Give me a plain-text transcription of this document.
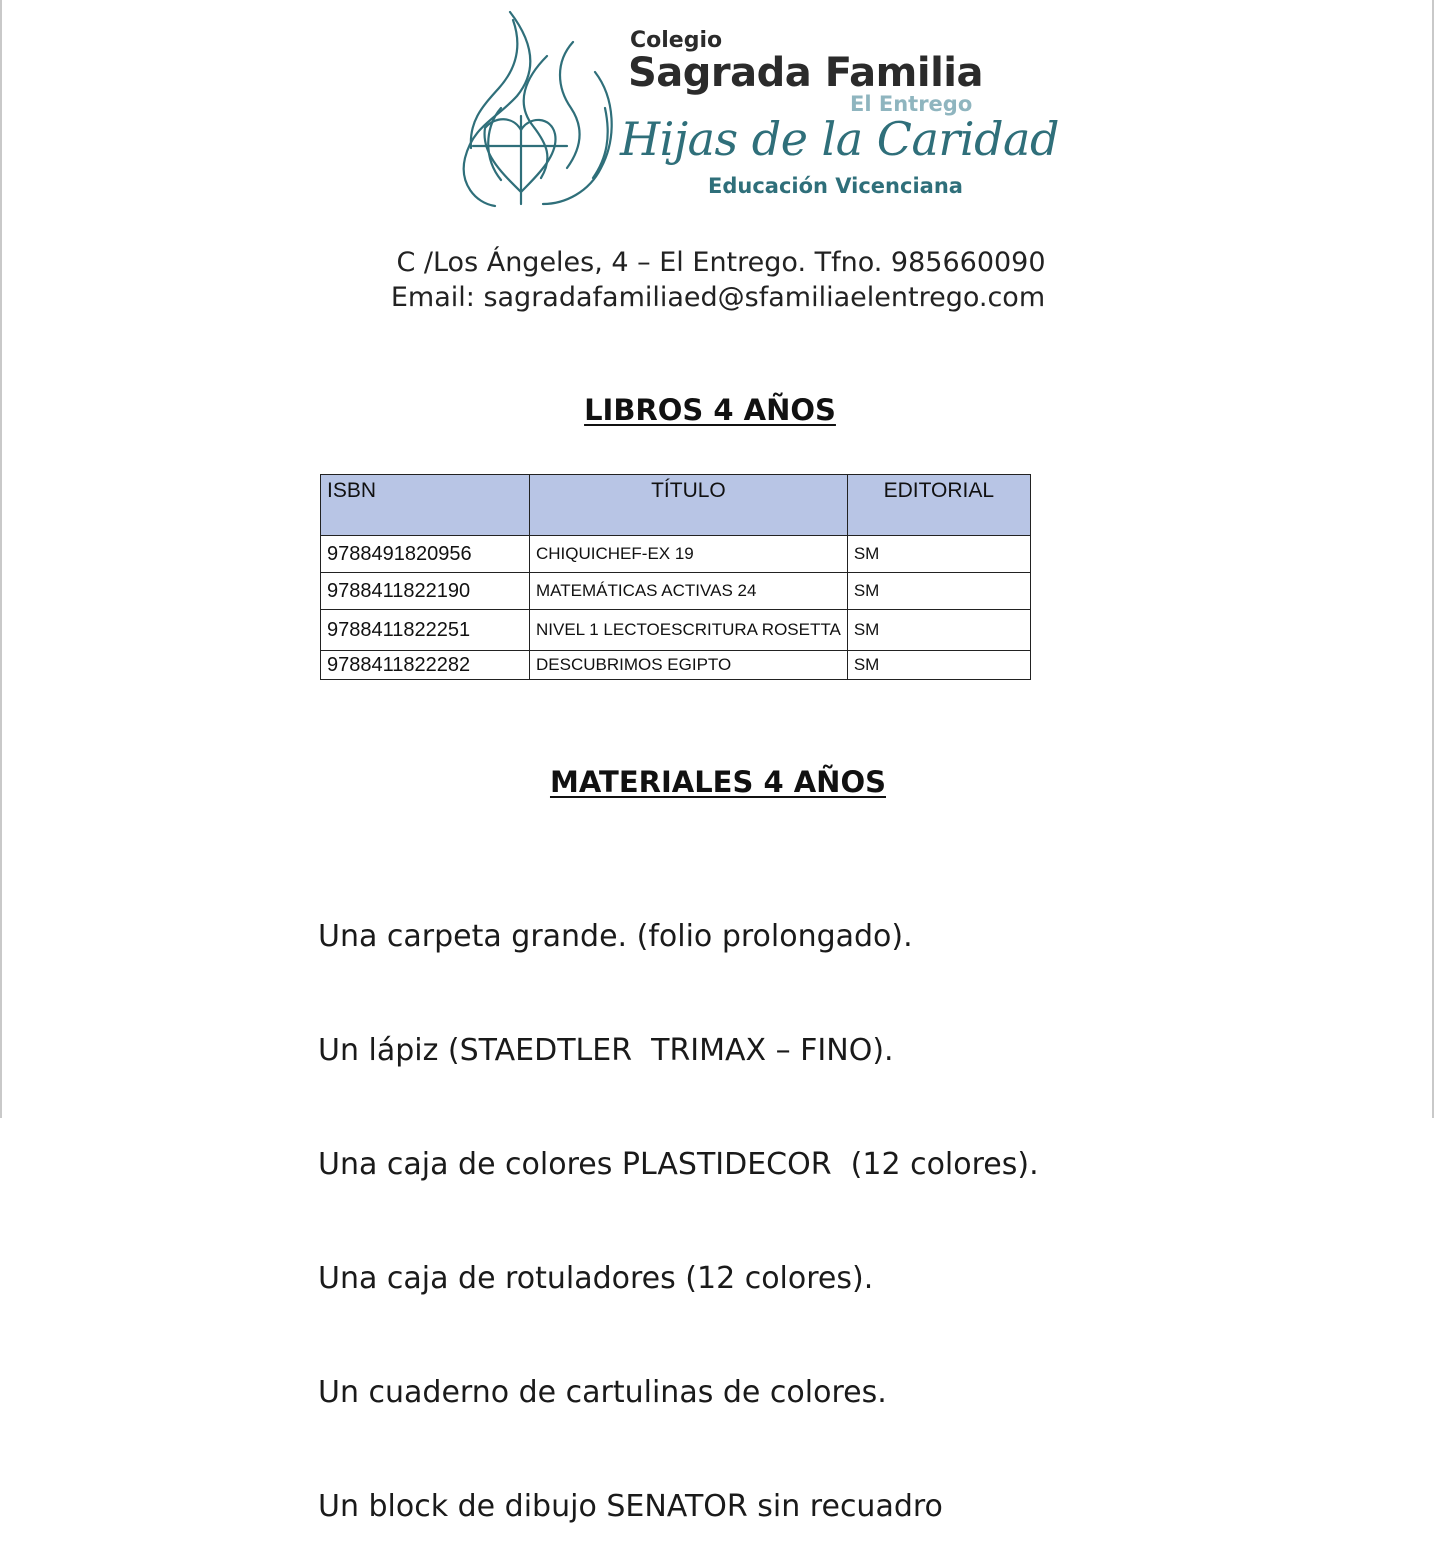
Colegio
Sagrada Familia
El Entrego
Hijas de la Caridad
Educación Vicenciana
C /Los Ángeles, 4 – El Entrego. Tfno. 985660090
Email: sagradafamiliaed@sfamiliaelentrego.com
LIBROS 4 AÑOS
ISBN	TÍTULO	EDITORIAL
9788491820956	CHIQUICHEF-EX 19	SM
9788411822190	MATEMÁTICAS ACTIVAS 24	SM
9788411822251	NIVEL 1 LECTOESCRITURA ROSETTA	SM
9788411822282	DESCUBRIMOS EGIPTO	SM
MATERIALES 4 AÑOS

Una carpeta grande. (folio prolongado).

Un lápiz (STAEDTLER  TRIMAX – FINO).

Una caja de colores PLASTIDECOR  (12 colores).

Una caja de rotuladores (12 colores).

Un cuaderno de cartulinas de colores.

Un block de dibujo SENATOR sin recuadro
